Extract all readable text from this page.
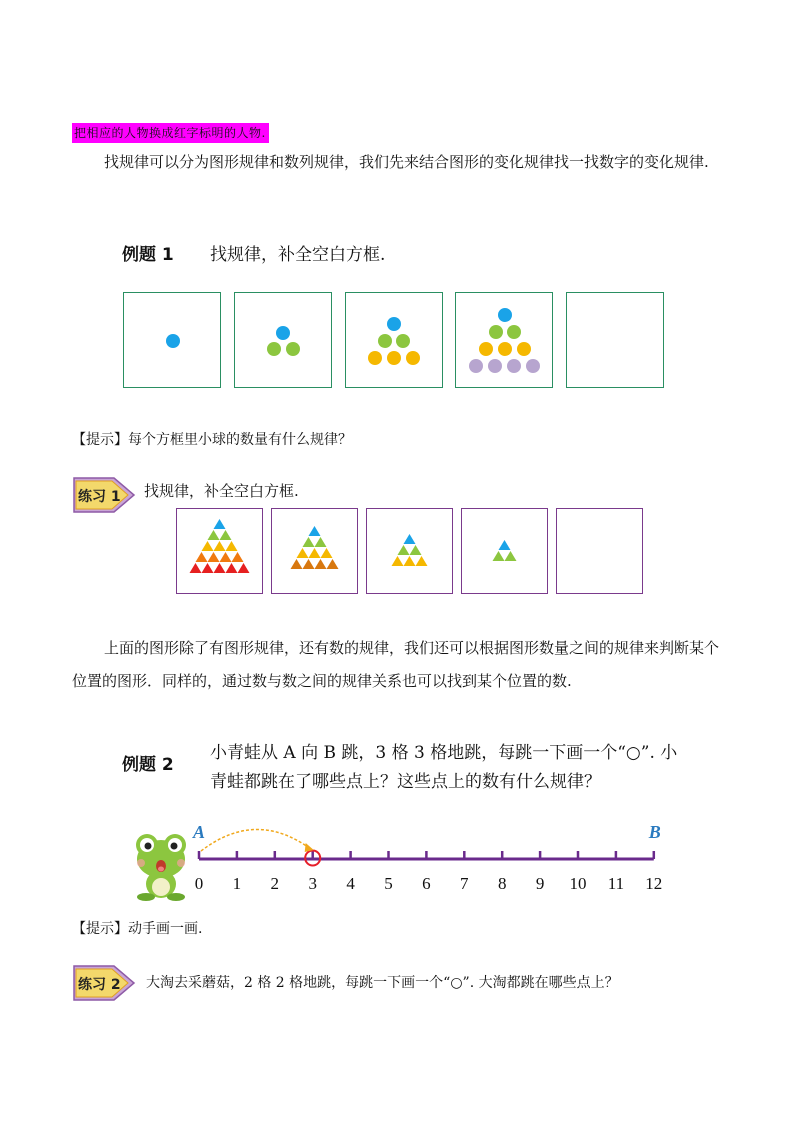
把相应的人物换成红字标明的人物.
找规律可以分为图形规律和数列规律，我们先来结合图形的变化规律找一找数字的变化规律.
例题 1 找规律，补全空白方框.
【提示】每个方框里小球的数量有什么规律？
练习 1 找规律，补全空白方框.
上面的图形除了有图形规律，还有数的规律，我们还可以根据图形数量之间的规律来判断某个位置的图形．同样的，通过数与数之间的规律关系也可以找到某个位置的数.
例题 2
小青蛙从 A 向 B 跳，3 格 3 格地跳，每跳一下画一个“○”. 小青蛙都跳在了哪些点上？这些点上的数有什么规律？
0 1 2 3 4 5 6 7 8 9 10 11 12
A	B
【提示】动手画一画.
练习 2 大淘去采蘑菇，2 格 2 格地跳，每跳一下画一个“○”. 大淘都跳在哪些点上？
